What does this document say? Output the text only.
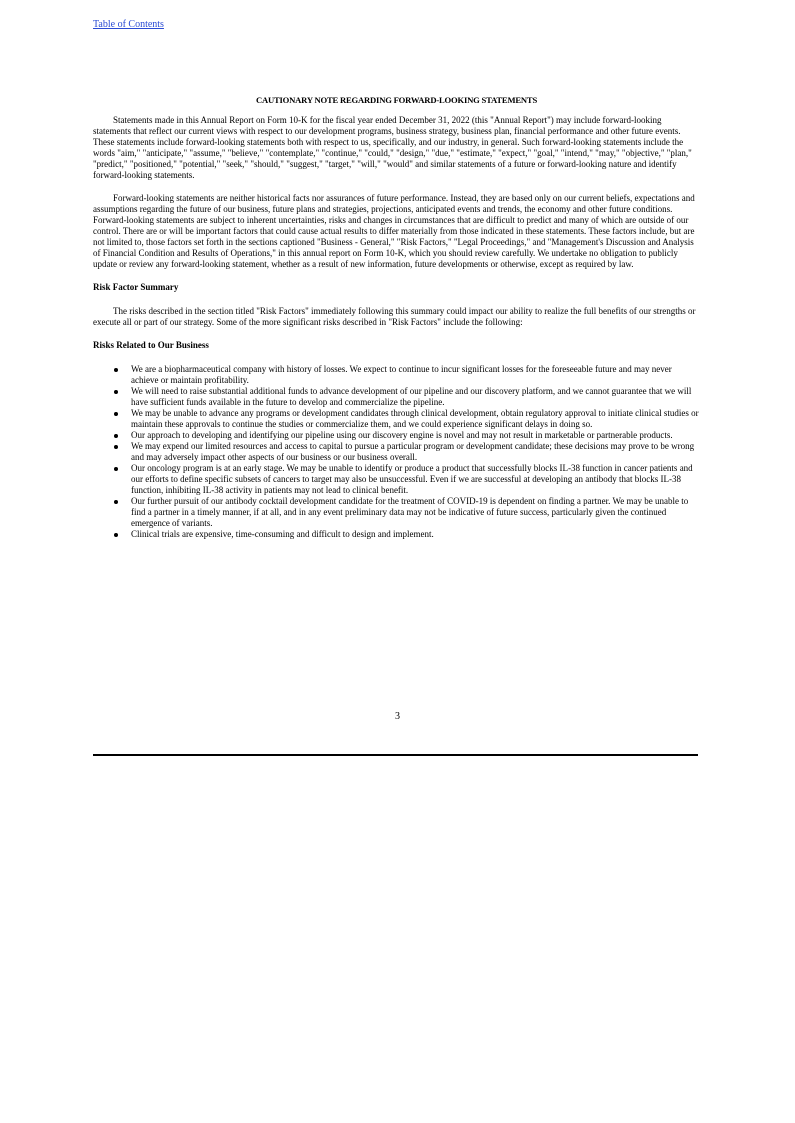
Table of Contents
CAUTIONARY NOTE REGARDING FORWARD-LOOKING STATEMENTS

Statements made in this Annual Report on Form 10-K for the fiscal year ended December 31, 2022 (this "Annual Report") may include forward-looking statements that reflect our current views with respect to our development programs, business strategy, business plan, financial performance and other future events. These statements include forward-looking statements both with respect to us, specifically, and our industry, in general. Such forward-looking statements include the words "aim," "anticipate," "assume," "believe," "contemplate," "continue," "could," "design," "due," "estimate," "expect," "goal," "intend," "may," "objective," "plan," "predict," "positioned," "potential," "seek," "should," "suggest," "target," "will," "would" and similar statements of a future or forward-looking nature and identify forward-looking statements.

Forward-looking statements are neither historical facts nor assurances of future performance. Instead, they are based only on our current beliefs, expectations and assumptions regarding the future of our business, future plans and strategies, projections, anticipated events and trends, the economy and other future conditions. Forward-looking statements are subject to inherent uncertainties, risks and changes in circumstances that are difficult to predict and many of which are outside of our control. There are or will be important factors that could cause actual results to differ materially from those indicated in these statements. These factors include, but are not limited to, those factors set forth in the sections captioned "Business - General," "Risk Factors," "Legal Proceedings," and "Management's Discussion and Analysis of Financial Condition and Results of Operations," in this annual report on Form 10-K, which you should review carefully. We undertake no obligation to publicly update or review any forward-looking statement, whether as a result of new information, future developments or otherwise, except as required by law.

Risk Factor Summary

The risks described in the section titled "Risk Factors" immediately following this summary could impact our ability to realize the full benefits of our strengths or execute all or part of our strategy. Some of the more significant risks described in "Risk Factors" include the following:

Risks Related to Our Business
We are a biopharmaceutical company with history of losses. We expect to continue to incur significant losses for the foreseeable future and may never achieve or maintain profitability.
We will need to raise substantial additional funds to advance development of our pipeline and our discovery platform, and we cannot guarantee that we will have sufficient funds available in the future to develop and commercialize the pipeline.
We may be unable to advance any programs or development candidates through clinical development, obtain regulatory approval to initiate clinical studies or maintain these approvals to continue the studies or commercialize them, and we could experience significant delays in doing so.
Our approach to developing and identifying our pipeline using our discovery engine is novel and may not result in marketable or partnerable products.
We may expend our limited resources and access to capital to pursue a particular program or development candidate; these decisions may prove to be wrong and may adversely impact other aspects of our business or our business overall.
Our oncology program is at an early stage. We may be unable to identify or produce a product that successfully blocks IL-38 function in cancer patients and our efforts to define specific subsets of cancers to target may also be unsuccessful. Even if we are successful at developing an antibody that blocks IL-38 function, inhibiting IL-38 activity in patients may not lead to clinical benefit.
Our further pursuit of our antibody cocktail development candidate for the treatment of COVID-19 is dependent on finding a partner. We may be unable to find a partner in a timely manner, if at all, and in any event preliminary data may not be indicative of future success, particularly given the continued emergence of variants.
Clinical trials are expensive, time-consuming and difficult to design and implement.
3
